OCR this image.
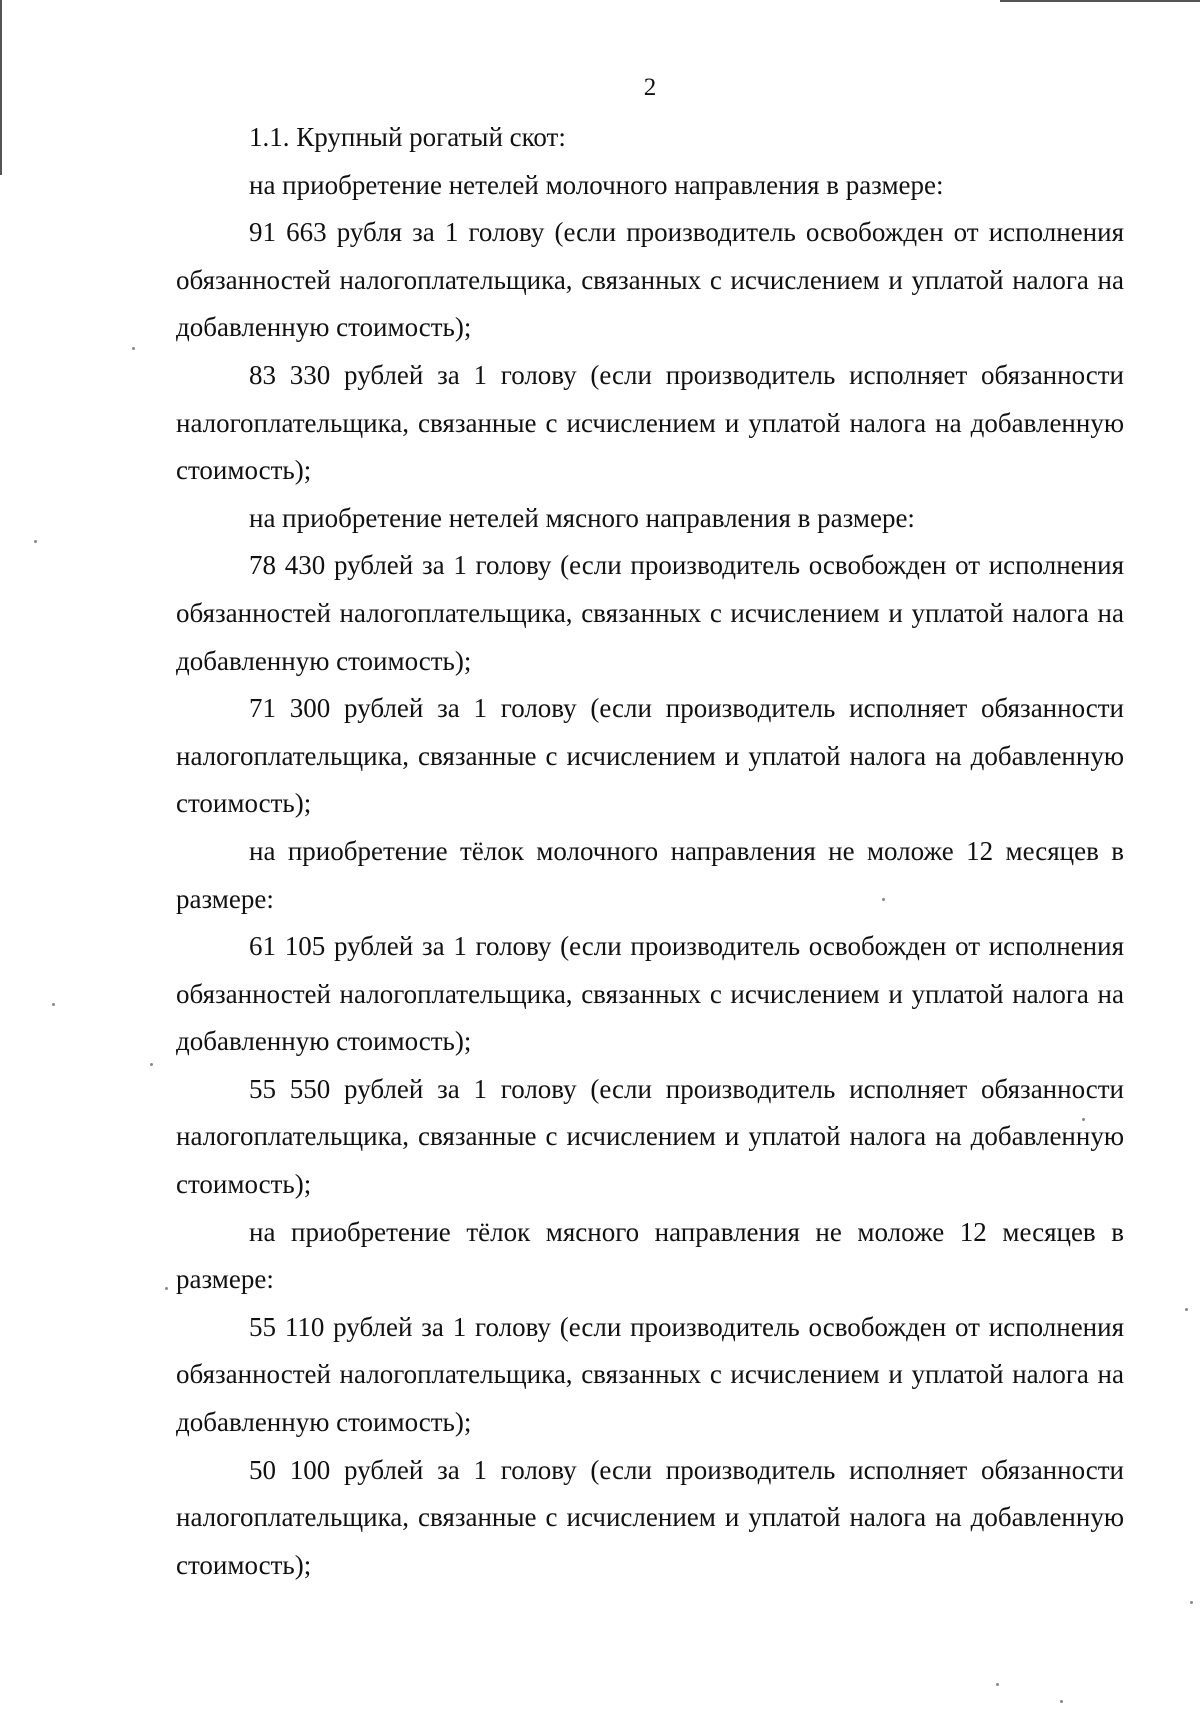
2

1.1. Крупный рогатый скот:

на приобретение нетелей молочного направления в размере:

91 663 рубля за 1 голову (если производитель освобожден от исполнения обязанностей налогоплательщика, связанных с исчислением и уплатой налога на добавленную стоимость);

83 330 рублей за 1 голову (если производитель исполняет обязанности налогоплательщика, связанные с исчислением и уплатой налога на добавленную стоимость);

на приобретение нетелей мясного направления в размере:

78 430 рублей за 1 голову (если производитель освобожден от исполнения обязанностей налогоплательщика, связанных с исчислением и уплатой налога на добавленную стоимость);

71 300 рублей за 1 голову (если производитель исполняет обязанности налогоплательщика, связанные с исчислением и уплатой налога на добавленную стоимость);

на приобретение тёлок молочного направления не моложе 12 месяцев в размере:

61 105 рублей за 1 голову (если производитель освобожден от исполнения обязанностей налогоплательщика, связанных с исчислением и уплатой налога на добавленную стоимость);

55 550 рублей за 1 голову (если производитель исполняет обязанности налогоплательщика, связанные с исчислением и уплатой налога на добавленную стоимость);

на приобретение тёлок мясного направления не моложе 12 месяцев в размере:

55 110 рублей за 1 голову (если производитель освобожден от исполнения обязанностей налогоплательщика, связанных с исчислением и уплатой налога на добавленную стоимость);

50 100 рублей за 1 голову (если производитель исполняет обязанности налогоплательщика, связанные с исчислением и уплатой налога на добавленную стоимость);
